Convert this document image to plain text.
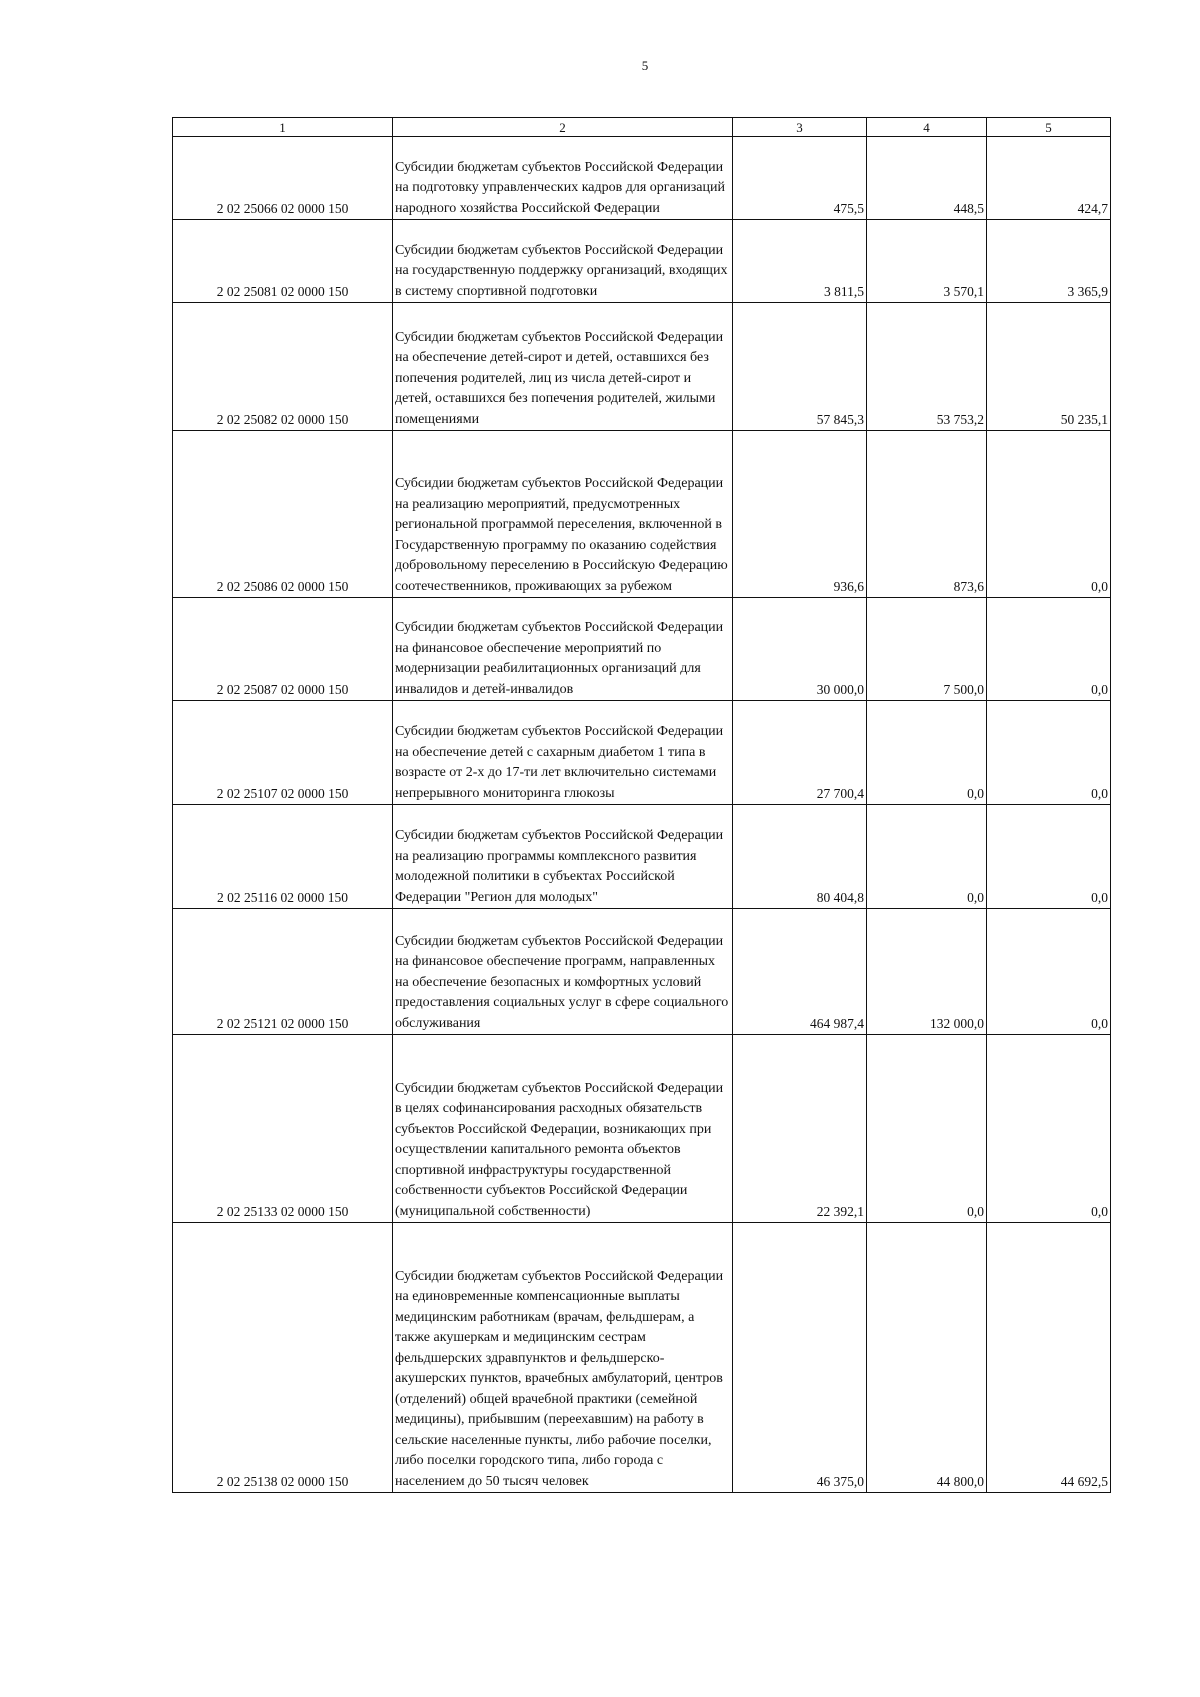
5
1	2	3	4	5
2 02 25066 02 0000 150	Субсидии бюджетам субъектов Российской Федерации на подготовку управленческих кадров для организаций народного хозяйства Российской Федерации	475,5	448,5	424,7
2 02 25081 02 0000 150	Субсидии бюджетам субъектов Российской Федерации на государственную поддержку организаций, входящих в систему спортивной подготовки	3 811,5	3 570,1	3 365,9
2 02 25082 02 0000 150	Субсидии бюджетам субъектов Российской Федерации на обеспечение детей-сирот и детей, оставшихся без попечения родителей, лиц из числа детей-сирот и детей, оставшихся без попечения родителей, жилыми помещениями	57 845,3	53 753,2	50 235,1
2 02 25086 02 0000 150	Субсидии бюджетам субъектов Российской Федерации на реализацию мероприятий, предусмотренных региональной программой переселения, включенной в Государственную программу по оказанию содействия добровольному переселению в Российскую Федерацию соотечественников, проживающих за рубежом	936,6	873,6	0,0
2 02 25087 02 0000 150	Субсидии бюджетам субъектов Российской Федерации на финансовое обеспечение мероприятий по модернизации реабилитационных организаций для инвалидов и детей-инвалидов	30 000,0	7 500,0	0,0
2 02 25107 02 0000 150	Субсидии бюджетам субъектов Российской Федерации на обеспечение детей с сахарным диабетом 1 типа в возрасте от 2-х до 17-ти лет включительно системами непрерывного мониторинга глюкозы	27 700,4	0,0	0,0
2 02 25116 02 0000 150	Субсидии бюджетам субъектов Российской Федерации на реализацию программы комплексного развития молодежной политики в субъектах Российской Федерации "Регион для молодых"	80 404,8	0,0	0,0
2 02 25121 02 0000 150	Субсидии бюджетам субъектов Российской Федерации на финансовое обеспечение программ, направленных на обеспечение безопасных и комфортных условий предоставления социальных услуг в сфере социального обслуживания	464 987,4	132 000,0	0,0
2 02 25133 02 0000 150	Субсидии бюджетам субъектов Российской Федерации в целях софинансирования расходных обязательств субъектов Российской Федерации, возникающих при осуществлении капитального ремонта объектов спортивной инфраструктуры государственной собственности субъектов Российской Федерации (муниципальной собственности)	22 392,1	0,0	0,0
2 02 25138 02 0000 150	Субсидии бюджетам субъектов Российской Федерации на единовременные компенсационные выплаты медицинским работникам (врачам, фельдшерам, а также акушеркам и медицинским сестрам фельдшерских здравпунктов и фельдшерско-акушерских пунктов, врачебных амбулаторий, центров (отделений) общей врачебной практики (семейной медицины), прибывшим (переехавшим) на работу в сельские населенные пункты, либо рабочие поселки, либо поселки городского типа, либо города с населением до 50 тысяч человек	46 375,0	44 800,0	44 692,5
